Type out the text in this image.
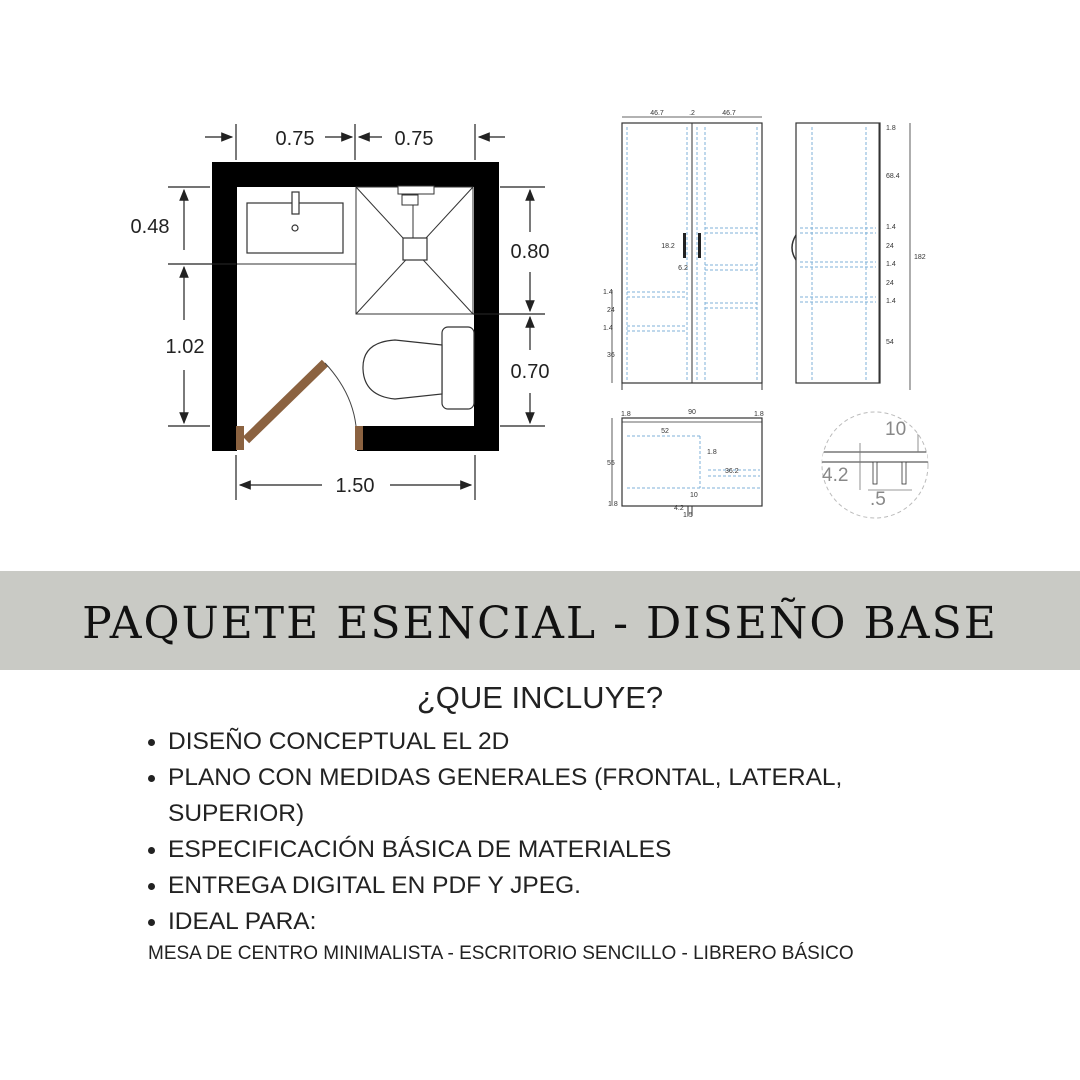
0.75	0.75
0.48
1.02
0.80
0.70
1.50
46.7	.2	46.7
18.2
6.2
1.4
24
1.4
36
1.8
68.4
1.4
24
1.4
24
1.4
54
182
1.8	90	1.8
52
55
1.8
36.2
10
1.8
4.2
1.5
10
4.2
.5
PAQUETE ESENCIAL - DISEÑO BASE
¿QUE INCLUYE?
DISEÑO CONCEPTUAL EL 2D
PLANO CON MEDIDAS GENERALES (FRONTAL, LATERAL, SUPERIOR)
ESPECIFICACIÓN BÁSICA DE MATERIALES
ENTREGA DIGITAL EN PDF Y JPEG.
IDEAL PARA:
MESA DE CENTRO MINIMALISTA - ESCRITORIO SENCILLO - LIBRERO BÁSICO
